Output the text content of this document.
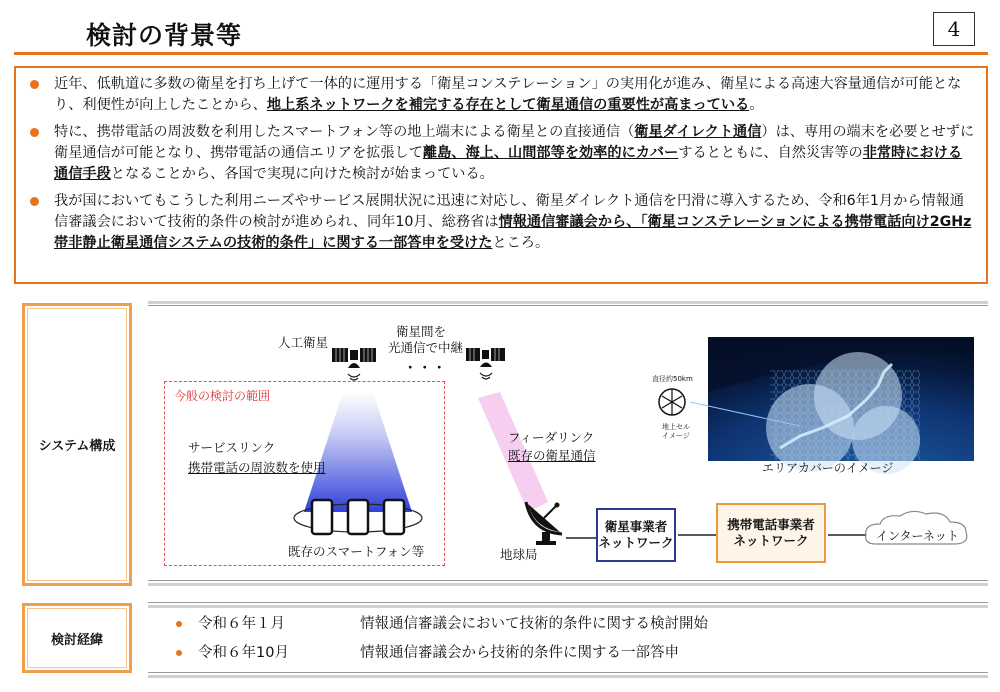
検討の背景等	4
近年、低軌道に多数の衛星を打ち上げて一体的に運用する「衛星コンステレーション」の実用化が進み、衛星による高速大容量通信が可能となり、利便性が向上したことから、地上系ネットワークを補完する存在として衛星通信の重要性が高まっている。
特に、携帯電話の周波数を利用したスマートフォン等の地上端末による衛星との直接通信（衛星ダイレクト通信）は、専用の端末を必要とせずに衛星通信が可能となり、携帯電話の通信エリアを拡張して離島、海上、山間部等を効率的にカバーするとともに、自然災害等の非常時における通信手段となることから、各国で実現に向けた検討が始まっている。
我が国においてもこうした利用ニーズやサービス展開状況に迅速に対応し、衛星ダイレクト通信を円滑に導入するため、令和6年1月から情報通信審議会において技術的条件の検討が進められ、同年10月、総務省は情報通信審議会から、「衛星コンステレーションによる携帯電話向け2GHz帯非静止衛星通信システムの技術的条件」に関する一部答申を受けたところ。
システム構成
今般の検討の範囲
人工衛星
衛星間を
光通信で中継
・・・
サービスリンク
携帯電話の周波数を使用
フィーダリンク
既存の衛星通信
既存のスマートフォン等	地球局
衛星事業者
ネットワーク
携帯電話事業者
ネットワーク	インターネット
直径約50km
地上セル
イメージ
エリアカバーのイメージ
検討経緯
令和６年１月	情報通信審議会において技術的条件に関する検討開始
令和６年10月	情報通信審議会から技術的条件に関する一部答申
